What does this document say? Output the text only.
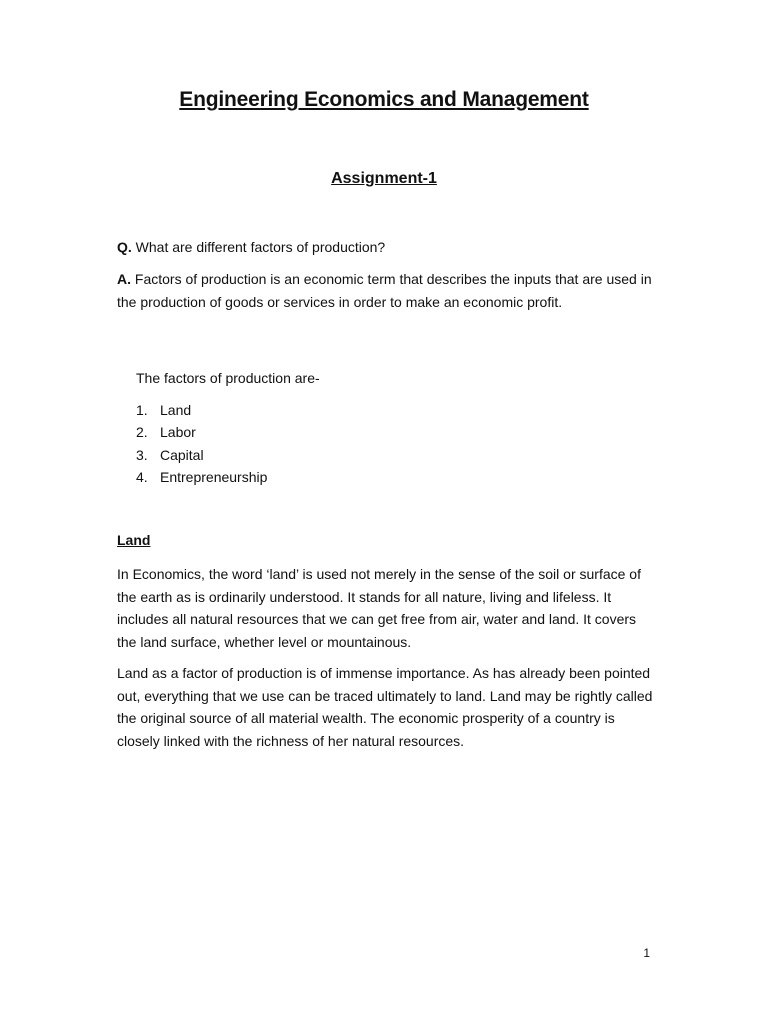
Engineering Economics and Management
Assignment-1
Q. What are different factors of production?
A. Factors of production is an economic term that describes the inputs that are used in the production of goods or services in order to make an economic profit.
The factors of production are-
1. Land
2. Labor
3. Capital
4. Entrepreneurship
Land
In Economics, the word ‘land’ is used not merely in the sense of the soil or surface of the earth as is ordinarily understood. It stands for all nature, living and lifeless. It includes all natural resources that we can get free from air, water and land. It covers the land surface, whether level or mountainous.
Land as a factor of production is of immense importance. As has already been pointed out, everything that we use can be traced ultimately to land. Land may be rightly called the original source of all material wealth. The economic prosperity of a country is closely linked with the richness of her natural resources.
1
